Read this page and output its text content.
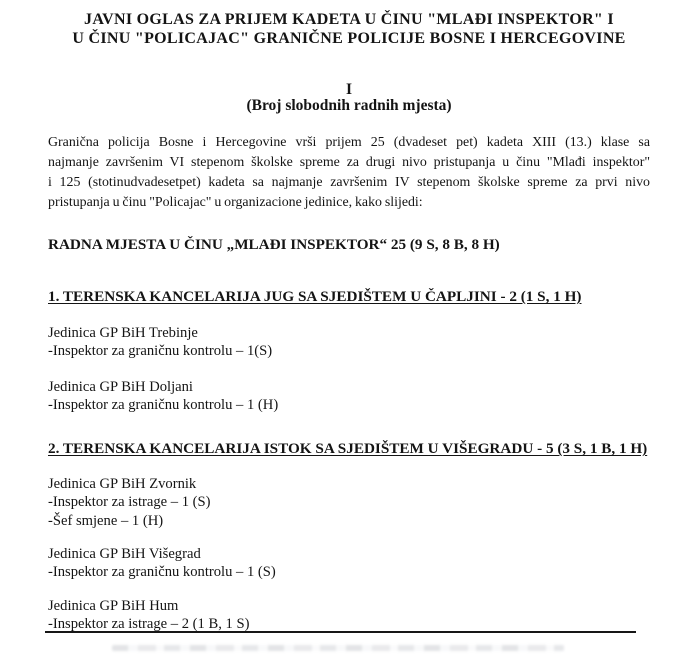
JAVNI OGLAS ZA PRIJEM KADETA U ČINU "MLAĐI INSPEKTOR" I
U ČINU "POLICAJAC" GRANIČNE POLICIJE BOSNE I HERCEGOVINE
I
(Broj slobodnih radnih mjesta)
Granična policija Bosne i Hercegovine vrši prijem 25 (dvadeset pet) kadeta XIII (13.) klase sa
najmanje završenim VI stepenom školske spreme za drugi nivo pristupanja u činu "Mlađi inspektor"
i 125 (stotinudvadesetpet) kadeta sa najmanje završenim IV stepenom školske spreme za prvi nivo
pristupanja u činu "Policajac" u organizacione jedinice, kako slijedi:
RADNA MJESTA U ČINU „MLAĐI INSPEKTOR“ 25 (9 S, 8 B, 8 H)
1. TERENSKA KANCELARIJA JUG SA SJEDIŠTEM U ČAPLJINI - 2 (1 S, 1 H)
Jedinica GP BiH Trebinje
-Inspektor za graničnu kontrolu – 1(S)
Jedinica GP BiH Doljani
-Inspektor za graničnu kontrolu – 1 (H)
2. TERENSKA KANCELARIJA ISTOK SA SJEDIŠTEM U VIŠEGRADU - 5 (3 S, 1 B, 1 H)
Jedinica GP BiH Zvornik
-Inspektor za istrage – 1 (S)
-Šef smjene – 1 (H)
Jedinica GP BiH Višegrad
-Inspektor za graničnu kontrolu – 1 (S)
Jedinica GP BiH Hum
-Inspektor za istrage – 2 (1 B, 1 S)
